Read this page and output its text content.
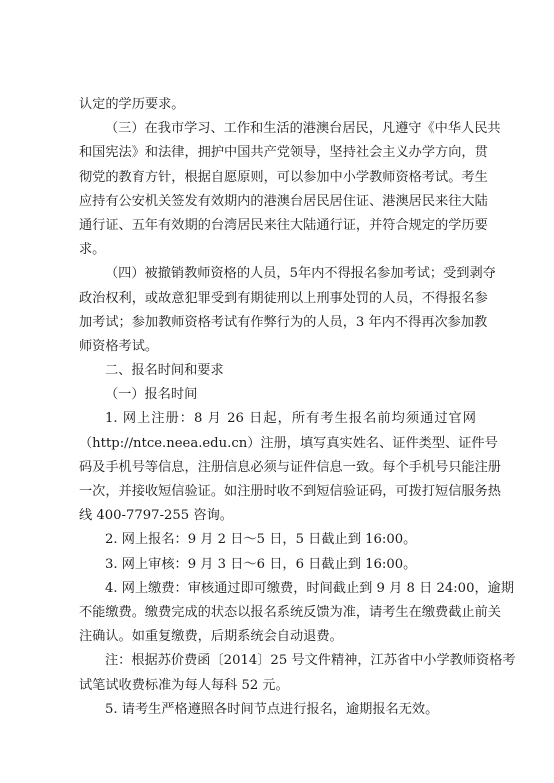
认定的学历要求。
（三）在我市学习、工作和生活的港澳台居民，凡遵守《中华人民共
和国宪法》和法律，拥护中国共产党领导，坚持社会主义办学方向，贯
彻党的教育方针，根据自愿原则，可以参加中小学教师资格考试。考生
应持有公安机关签发有效期内的港澳台居民居住证、港澳居民来往大陆
通行证、五年有效期的台湾居民来往大陆通行证，并符合规定的学历要
求。
（四）被撤销教师资格的人员，5年内不得报名参加考试；受到剥夺
政治权利，或故意犯罪受到有期徒刑以上刑事处罚的人员，不得报名参
加考试；参加教师资格考试有作弊行为的人员，3 年内不得再次参加教
师资格考试。
二、报名时间和要求
（一）报名时间
1. 网上注册：8 月 26 日起，所有考生报名前均须通过官网
（http://ntce.neea.edu.cn）注册，填写真实姓名、证件类型、证件号
码及手机号等信息，注册信息必须与证件信息一致。每个手机号只能注册
一次，并接收短信验证。如注册时收不到短信验证码，可拨打短信服务热
线 400-7797-255 咨询。
2. 网上报名：9 月 2 日～5 日，5 日截止到 16:00。
3. 网上审核：9 月 3 日～6 日，6 日截止到 16:00。
4. 网上缴费：审核通过即可缴费，时间截止到 9 月 8 日 24:00，逾期
不能缴费。缴费完成的状态以报名系统反馈为准，请考生在缴费截止前关
注确认。如重复缴费，后期系统会自动退费。
注：根据苏价费函〔2014〕25 号文件精神，江苏省中小学教师资格考
试笔试收费标准为每人每科 52 元。
5. 请考生严格遵照各时间节点进行报名，逾期报名无效。
